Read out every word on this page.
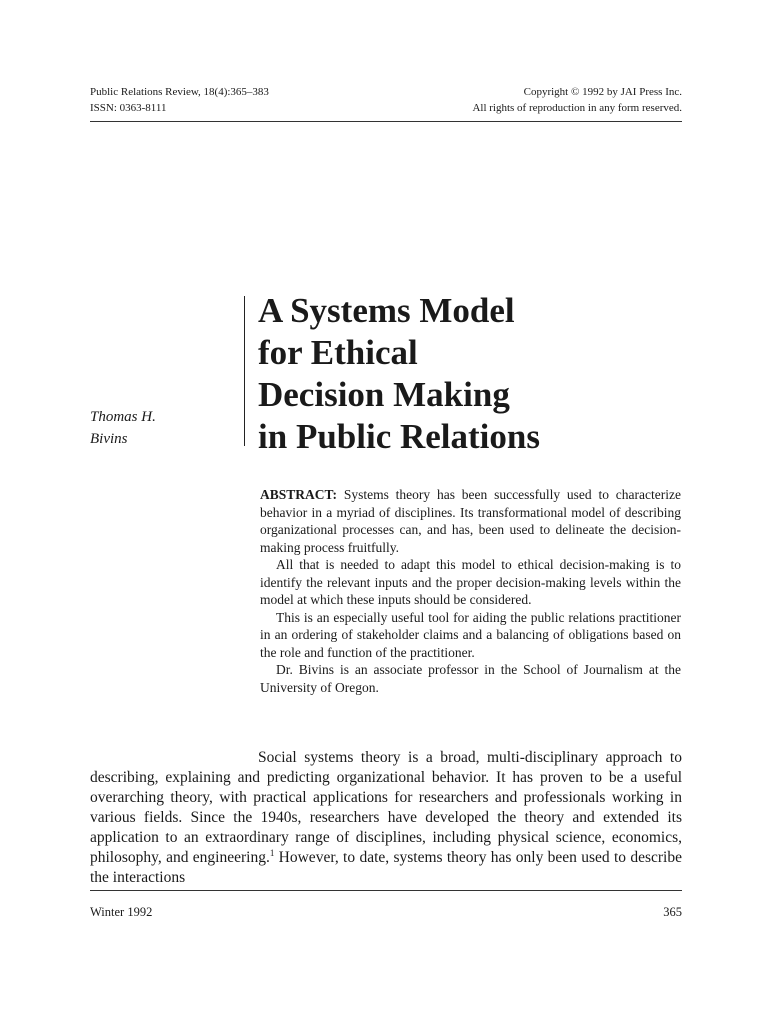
Public Relations Review, 18(4):365–383
ISSN: 0363-8111
Copyright © 1992 by JAI Press Inc.
All rights of reproduction in any form reserved.
A Systems Model
for Ethical
Decision Making
in Public Relations
Thomas H.
Bivins

ABSTRACT: Systems theory has been successfully used to characterize behavior in a myriad of disciplines. Its transformational model of describing organizational processes can, and has, been used to delineate the decision-making process fruitfully.

All that is needed to adapt this model to ethical decision-making is to identify the relevant inputs and the proper decision-making levels within the model at which these inputs should be considered.

This is an especially useful tool for aiding the public relations practitioner in an ordering of stakeholder claims and a balancing of obligations based on the role and function of the practitioner.

Dr. Bivins is an associate professor in the School of Journalism at the University of Oregon.

Social systems theory is a broad, multi-disciplinary approach to describing, explaining and predicting organizational behavior. It has proven to be a useful overarching theory, with practical applications for researchers and professionals working in various fields. Since the 1940s, researchers have developed the theory and extended its application to an extraordinary range of disciplines, including physical science, economics, philosophy, and engineering.$^1$ However, to date, systems theory has only been used to describe the interactions

Winter 1992	365
